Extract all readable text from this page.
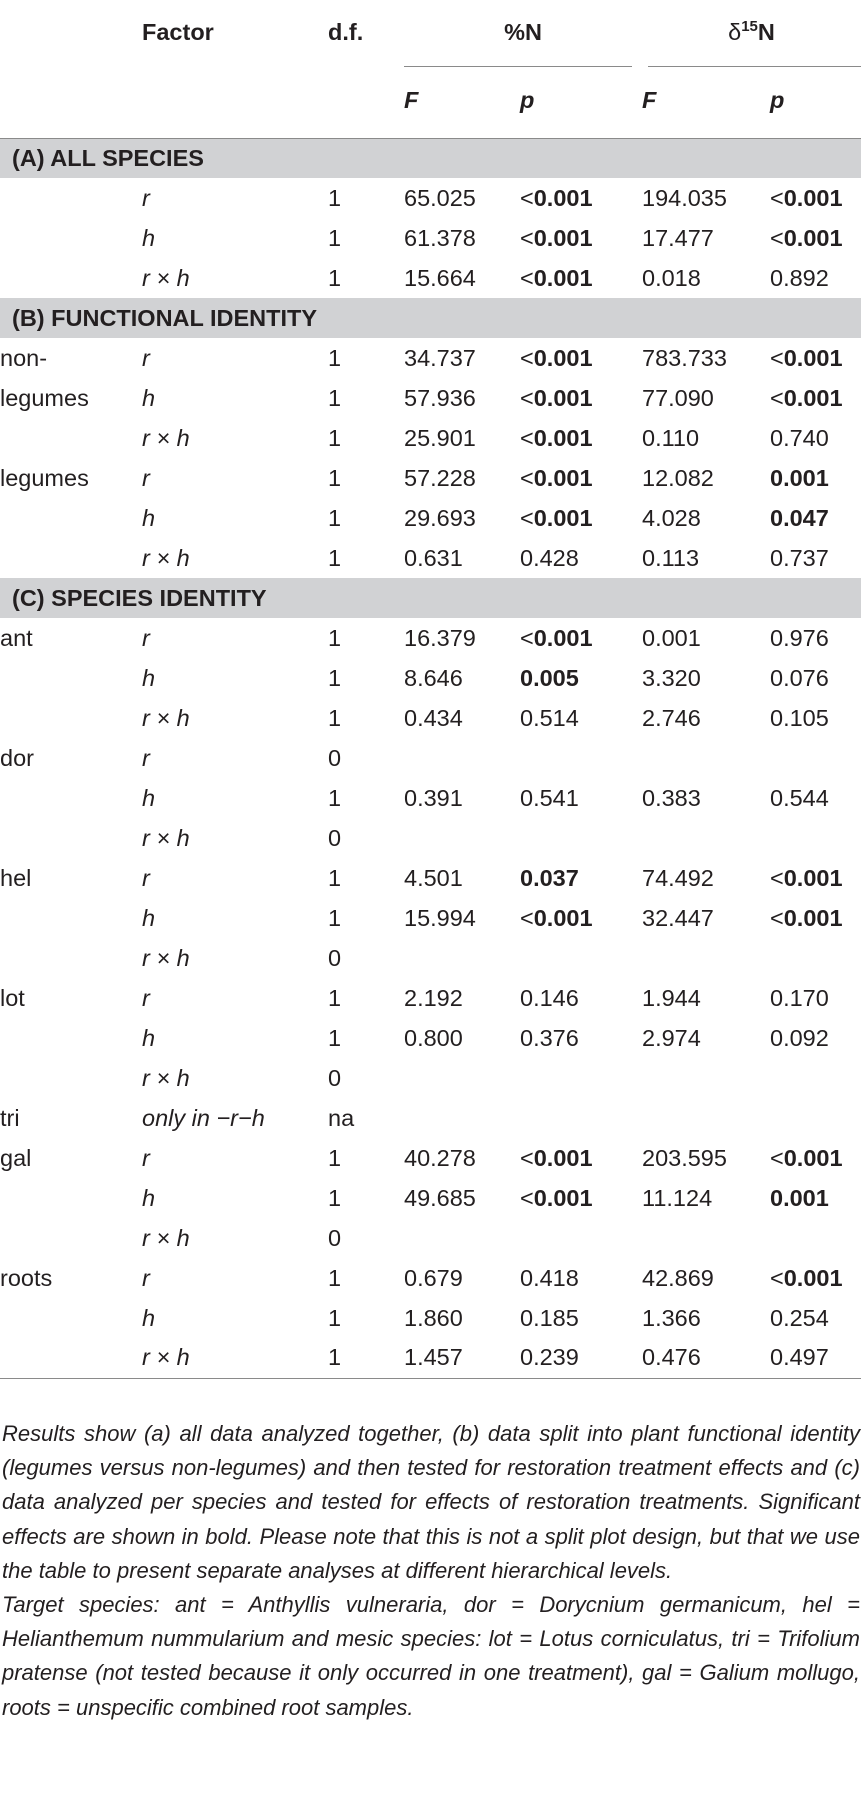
	Factor	d.f.	%N		$\delta^{15}N$	

			F	p	F	p
(A) ALL SPECIES						
	r	1	65.025	<0.001	194.035	<0.001
	h	1	61.378	<0.001	17.477	<0.001
	r × h	1	15.664	<0.001	0.018	0.892
(B) FUNCTIONAL IDENTITY						
non-	r	1	34.737	<0.001	783.733	<0.001
legumes	h	1	57.936	<0.001	77.090	<0.001
	r × h	1	25.901	<0.001	0.110	0.740
legumes	r	1	57.228	<0.001	12.082	0.001
	h	1	29.693	<0.001	4.028	0.047
	r × h	1	0.631	0.428	0.113	0.737
(C) SPECIES IDENTITY						
ant	r	1	16.379	<0.001	0.001	0.976
	h	1	8.646	0.005	3.320	0.076
	r × h	1	0.434	0.514	2.746	0.105
dor	r	0				
	h	1	0.391	0.541	0.383	0.544
	r × h	0				
hel	r	1	4.501	0.037	74.492	<0.001
	h	1	15.994	<0.001	32.447	<0.001
	r × h	0				
lot	r	1	2.192	0.146	1.944	0.170
	h	1	0.800	0.376	2.974	0.092
	r × h	0				
tri	only in −r−h	na				
gal	r	1	40.278	<0.001	203.595	<0.001
	h	1	49.685	<0.001	11.124	0.001
	r × h	0				
roots	r	1	0.679	0.418	42.869	<0.001
	h	1	1.860	0.185	1.366	0.254
	r × h	1	1.457	0.239	0.476	0.497

Results show (a) all data analyzed together, (b) data split into plant functional identity (legumes versus non-legumes) and then tested for restoration treatment effects and (c) data analyzed per species and tested for effects of restoration treatments. Significant effects are shown in bold. Please note that this is not a split plot design, but that we use the table to present separate analyses at different hierarchical levels.

Target species: ant = Anthyllis vulneraria, dor = Dorycnium germanicum, hel = Helianthemum nummularium and mesic species: lot = Lotus corniculatus, tri = Trifolium pratense (not tested because it only occurred in one treatment), gal = Galium mollugo, roots = unspecific combined root samples.
